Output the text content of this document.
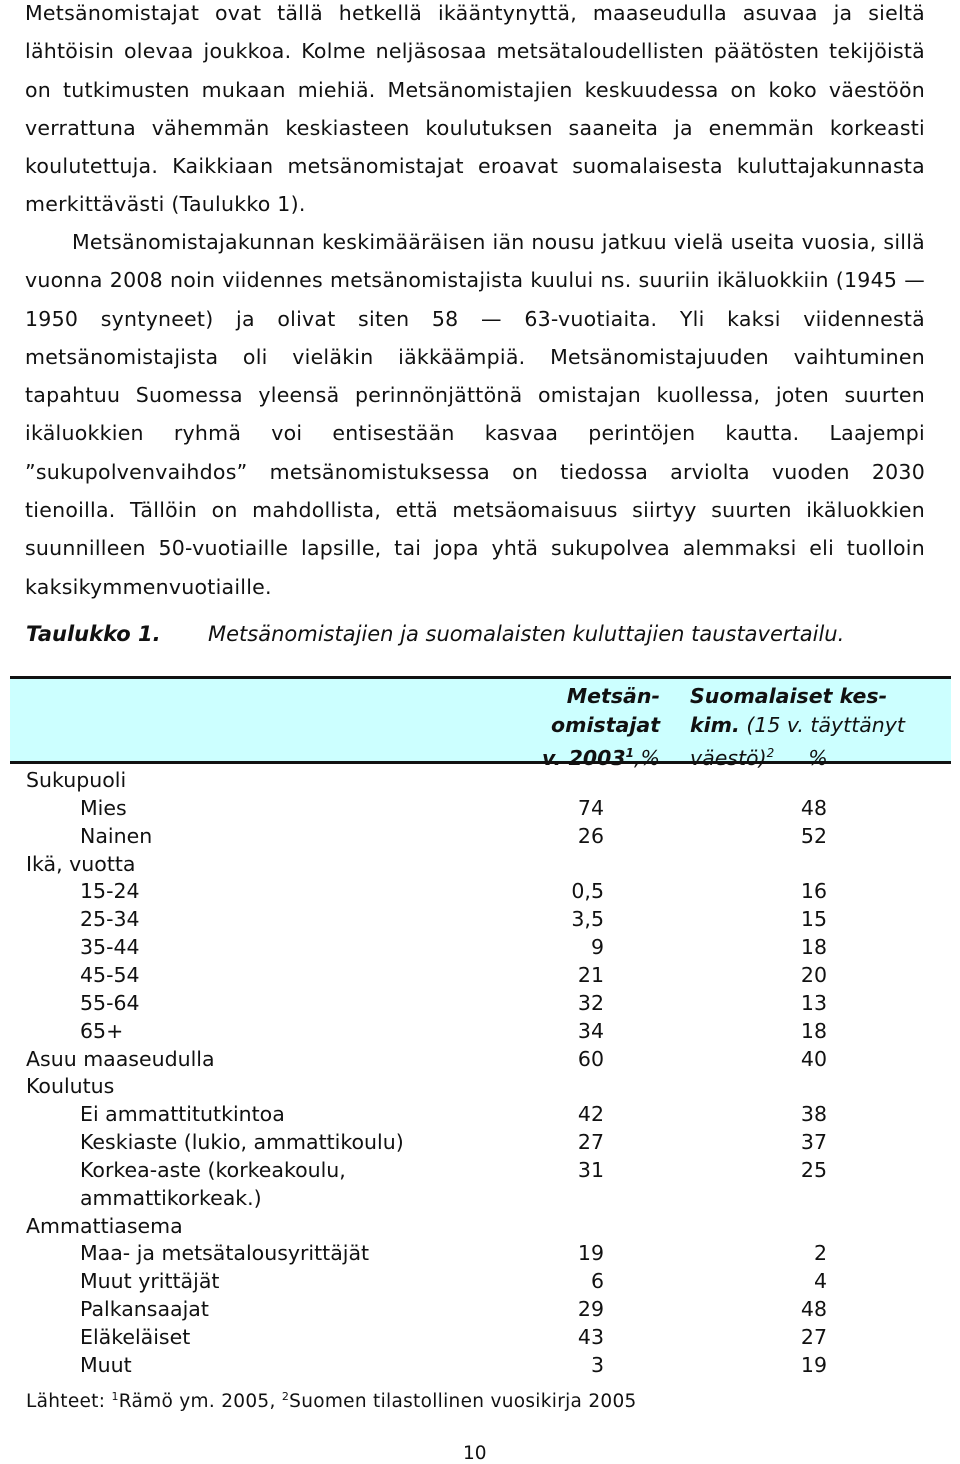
Metsänomistajat ovat tällä hetkellä ikääntynyttä, maaseudulla asuvaa ja sieltä lähtöisin olevaa joukkoa. Kolme neljäsosaa metsätaloudellisten päätösten tekijöistä on tutkimusten mukaan miehiä. Metsänomistajien keskuudessa on koko väestöön verrattuna vähemmän keskiasteen koulutuksen saaneita ja enemmän korkeasti koulutettuja. Kaikkiaan metsänomistajat eroavat suomalaisesta kuluttajakunnasta merkittävästi (Taulukko 1).

Metsänomistajakunnan keskimääräisen iän nousu jatkuu vielä useita vuosia, sillä vuonna 2008 noin viidennes metsänomistajista kuului ns. suuriin ikäluokkiin (1945 — 1950 syntyneet) ja olivat siten 58 — 63-vuotiaita. Yli kaksi viidennestä metsänomistajista oli vieläkin iäkkäämpiä. Metsänomistajuuden vaihtuminen tapahtuu Suomessa yleensä perinnönjättönä omistajan kuollessa, joten suurten ikäluokkien ryhmä voi entisestään kasvaa perintöjen kautta. Laajempi ”sukupolvenvaihdos” metsänomistuksessa on tiedossa arviolta vuoden 2030 tienoilla. Tällöin on mahdollista, että metsäomaisuus siirtyy suurten ikäluokkien suunnilleen 50-vuotiaille lapsille, tai jopa yhtä sukupolvea alemmaksi eli tuolloin kaksikymmenvuotiaille.

Taulukko 1. Metsänomistajien ja suomalaisten kuluttajien taustavertailu.
Metsän-
omistajat
v. 2003$^1$,%
Suomalaiset kes-
kim. (15 v. täyttänyt
väestö)$^2$ %
Sukupuoli
Mies	74	48
Nainen	26	52
Ikä, vuotta
15-24	0,5	16
25-34	3,5	15
35-44	9	18
45-54	21	20
55-64	32	13
65+	34	18
Asuu maaseudulla	60	40
Koulutus
Ei ammattitutkintoa	42	38
Keskiaste (lukio, ammattikoulu)	27	37
Korkea-aste (korkeakoulu,	31	25
ammattikorkeak.)
Ammattiasema
Maa- ja metsätalousyrittäjät	19	2
Muut yrittäjät	6	4
Palkansaajat	29	48
Eläkeläiset	43	27
Muut	3	19
Lähteet: $^1$Rämö ym. 2005, $^2$Suomen tilastollinen vuosikirja 2005
10
